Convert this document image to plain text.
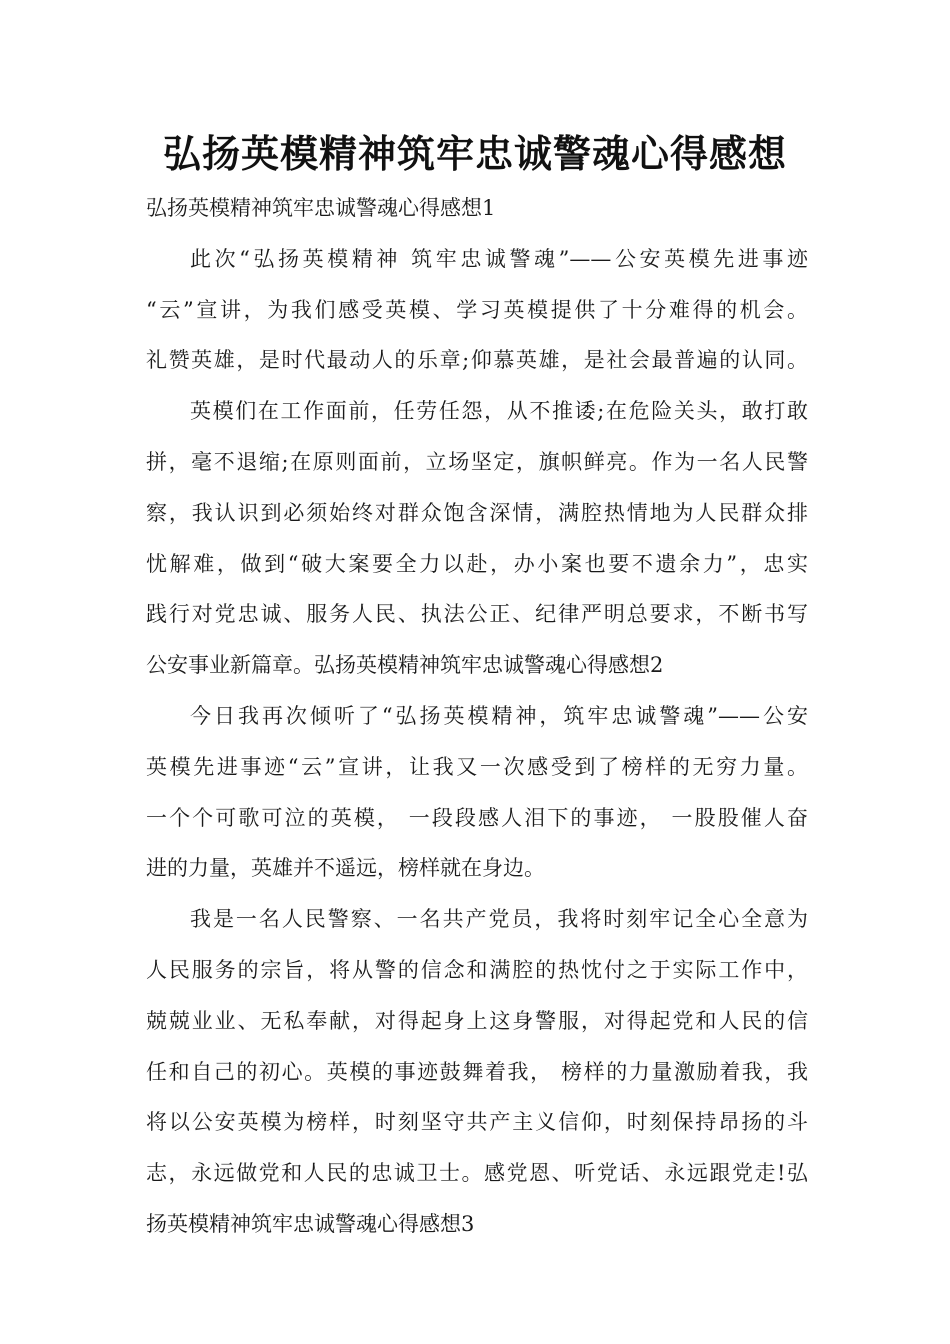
弘扬英模精神筑牢忠诚警魂心得感想
弘扬英模精神筑牢忠诚警魂心得感想1
此次“弘扬英模精神 筑牢忠诚警魂”——公安英模先进事迹
“云”宣讲，为我们感受英模、学习英模提供了十分难得的机会。
礼赞英雄，是时代最动人的乐章;仰慕英雄，是社会最普遍的认同。
英模们在工作面前，任劳任怨，从不推诿;在危险关头，敢打敢
拼，毫不退缩;在原则面前，立场坚定，旗帜鲜亮。作为一名人民警
察，我认识到必须始终对群众饱含深情，满腔热情地为人民群众排
忧解难，做到“破大案要全力以赴，办小案也要不遗余力”，忠实
践行对党忠诚、服务人民、执法公正、纪律严明总要求，不断书写
公安事业新篇章。弘扬英模精神筑牢忠诚警魂心得感想2
今日我再次倾听了“弘扬英模精神，筑牢忠诚警魂”——公安
英模先进事迹“云”宣讲，让我又一次感受到了榜样的无穷力量。
一个个可歌可泣的英模， 一段段感人泪下的事迹， 一股股催人奋
进的力量，英雄并不遥远，榜样就在身边。
我是一名人民警察、一名共产党员，我将时刻牢记全心全意为
人民服务的宗旨，将从警的信念和满腔的热忱付之于实际工作中，
兢兢业业、无私奉献，对得起身上这身警服，对得起党和人民的信
任和自己的初心。英模的事迹鼓舞着我， 榜样的力量激励着我，我
将以公安英模为榜样，时刻坚守共产主义信仰，时刻保持昂扬的斗
志，永远做党和人民的忠诚卫士。感党恩、听党话、永远跟党走!弘
扬英模精神筑牢忠诚警魂心得感想3
